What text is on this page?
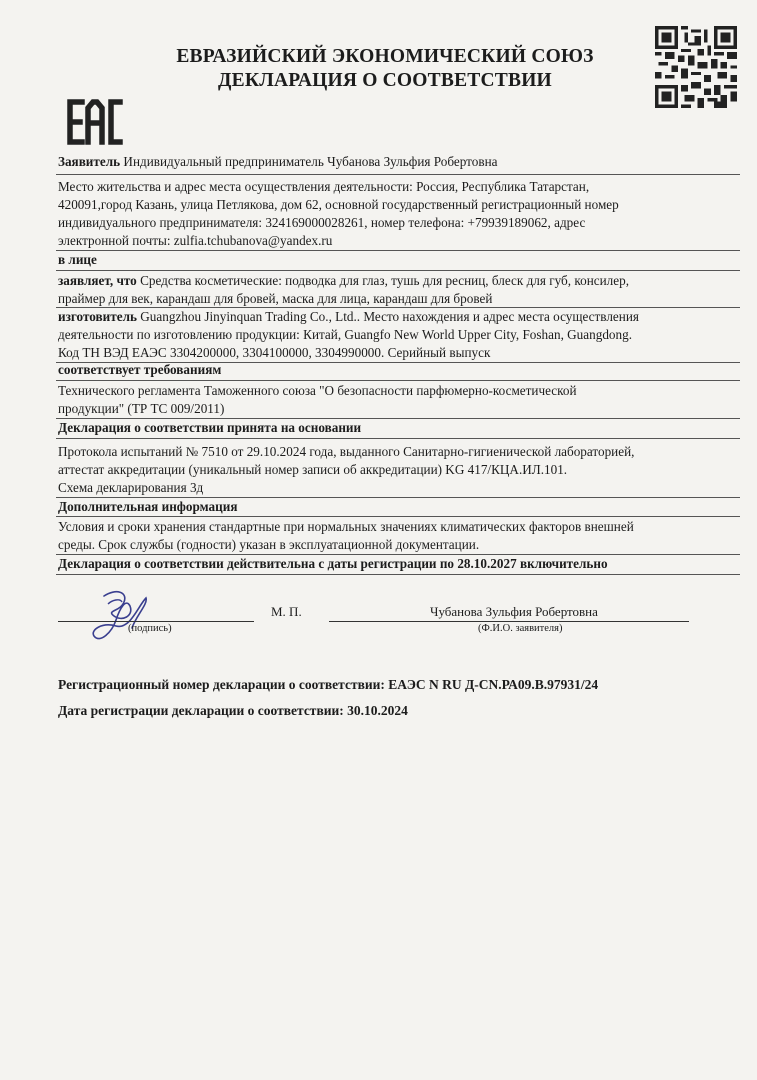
ЕВРАЗИЙСКИЙ ЭКОНОМИЧЕСКИЙ СОЮЗ
ДЕКЛАРАЦИЯ О СООТВЕТСТВИИ
Заявитель Индивидуальный предприниматель Чубанова Зульфия Робертовна
Место жительства и адрес места осуществления деятельности: Россия, Республика Татарстан,
420091,город Казань, улица Петлякова, дом 62, основной государственный регистрационный номер
индивидуального предпринимателя: 324169000028261, номер телефона: +79939189062, адрес
электронной почты: zulfia.tchubanova@yandex.ru
в лице
заявляет, что Средства косметические: подводка для глаз, тушь для ресниц, блеск для губ, консилер,
праймер для век, карандаш для бровей, маска для лица, карандаш для бровей
изготовитель Guangzhou Jinyinquan Trading Co., Ltd.. Место нахождения и адрес места осуществления
деятельности по изготовлению продукции: Китай, Guangfo New World Upper City, Foshan, Guangdong.
Код ТН ВЭД ЕАЭС 3304200000, 3304100000, 3304990000. Серийный выпуск
соответствует требованиям
Технического регламента Таможенного союза "О безопасности парфюмерно-косметической
продукции" (ТР ТС 009/2011)
Декларация о соответствии принята на основании
Протокола испытаний № 7510 от 29.10.2024 года, выданного Санитарно-гигиенической лабораторией,
аттестат аккредитации (уникальный номер записи об аккредитации) KG 417/КЦА.ИЛ.101.
Схема декларирования 3д
Дополнительная информация
Условия и сроки хранения стандартные при нормальных значениях климатических факторов внешней
среды. Срок службы (годности) указан в эксплуатационной документации.
Декларация о соответствии действительна с даты регистрации по 28.10.2027 включительно
(подпись)
М. П.	Чубанова Зульфия Робертовна
(Ф.И.О. заявителя)
Регистрационный номер декларации о соответствии: ЕАЭС N RU Д-CN.РА09.В.97931/24
Дата регистрации декларации о соответствии: 30.10.2024
